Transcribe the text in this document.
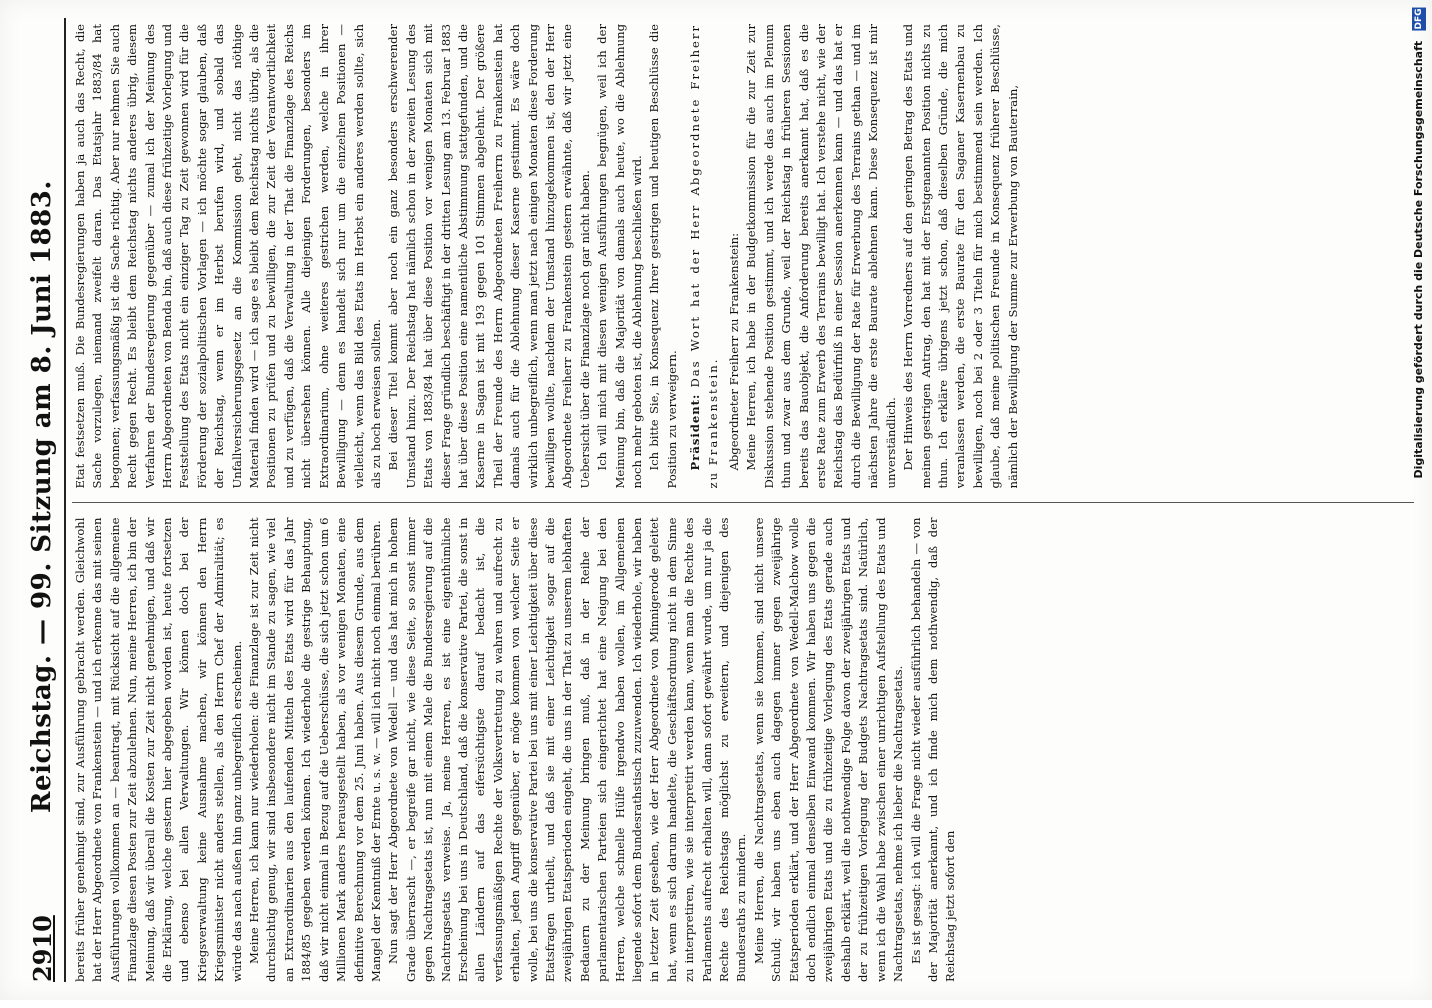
2910
Reichstag. — 99. Sitzung am 8. Juni 1883. bereits früher genehmigt sind, zur Ausführung gebracht werden. Gleichwohl hat der Herr Abgeordnete von Frankenstein — und ich erkenne das mit seinen Ausführungen vollkommen an — beantragt, mit Rücksicht auf die allgemeine Finanzlage diesen Posten zur Zeit abzulehnen. Nun, meine Herren, ich bin der Meinung, daß wir überall die Kosten zur Zeit nicht genehmigen, und daß wir die Erklärung, welche gestern hier abgegeben worden ist, heute fortsetzen und ebenso bei allen Verwaltungen. Wir können doch bei der Kriegsverwaltung keine Ausnahme machen, wir können den Herrn Kriegsminister nicht anders stellen, als den Herrn Chef der Admiralität; es würde das nach außen hin ganz unbegreiflich erscheinen. Meine Herren, ich kann nur wiederholen: die Finanzlage ist zur Zeit nicht durchsichtig genug, wir sind insbesondere nicht im Stande zu sagen, wie viel an Extraordinarien aus den laufenden Mitteln des Etats wird für das Jahr 1884/85 gegeben werden können. Ich wiederhole die gestrige Behauptung, daß wir nicht einmal in Bezug auf die Ueberschüsse, die sich jetzt schon um 6 Millionen Mark anders herausgestellt haben, als vor wenigen Monaten, eine definitive Berechnung vor dem 25. Juni haben. Aus diesem Grunde, aus dem Mangel der Kenntniß der Ernte u. s. w. — will ich nicht noch einmal berühren. Nun sagt der Herr Abgeordnete von Wedell — und das hat mich in hohem Grade überrascht —, er begreife gar nicht, wie diese Seite, so sonst immer gegen Nachtragsetats ist, nun mit einem Male die Bundesregierung auf die Nachtragsetats verweise. Ja, meine Herren, es ist eine eigenthümliche Erscheinung bei uns in Deutschland, daß die konservative Partei, die sonst in allen Ländern auf das eifersüchtigste darauf bedacht ist, die verfassungsmäßigen Rechte der Volksvertretung zu wahren und aufrecht zu erhalten, jeden Angriff gegenüber, er möge kommen von welcher Seite er wolle, bei uns die konservative Partei bei uns mit einer Leichtigkeit über diese Etatsfragen urtheilt, und daß sie mit einer Leichtigkeit sogar auf die zweijährigen Etatsperioden eingeht, die uns in der That zu unserem lebhaften Bedauern zu der Meinung bringen muß, daß in der Reihe der parlamentarischen Parteien sich eingerichtet hat eine Neigung bei den Herren, welche schnelle Hülfe irgendwo haben wollen, im Allgemeinen liegende sofort dem Bundesrathstisch zuzuwenden. Ich wiederhole, wir haben in letzter Zeit gesehen, wie der Herr Abgeordnete von Minnigerode geleitet hat, wenn es sich darum handelte, die Geschäftsordnung nicht in dem Sinne zu interpretiren, wie sie interpretirt werden kann, wenn man die Rechte des Parlaments aufrecht erhalten will, dann sofort gewährt wurde, um nur ja die Rechte des Reichstags möglichst zu erweitern, und diejenigen des Bundesraths zu mindern. Meine Herren, die Nachtragsetats, wenn sie kommen, sind nicht unsere Schuld; wir haben uns eben auch dagegen immer gegen zweijährige Etatsperioden erklärt, und der Herr Abgeordnete von Wedell-Malchow wolle doch endlich einmal denselben Einwand kommen. Wir haben uns gegen die zweijährigen Etats und die zu frühzeitige Vorlegung des Etats gerade auch deshalb erklärt, weil die nothwendige Folge davon der zweijährigen Etats und der zu frühzeitigen Vorlegung der Budgets Nachtragsetats sind. Natürlich, wenn ich die Wahl habe zwischen einer unrichtigen Aufstellung des Etats und Nachtragsetats, nehme ich lieber die Nachtragsetats. Es ist gesagt: ich will die Frage nicht wieder ausführlich behandeln — von der Majorität anerkannt, und ich finde mich dem nothwendig, daß der Reichstag jetzt sofort den

Etat festsetzen muß. Die Bundesregierungen haben ja auch das Recht, die Sache vorzulegen, niemand zweifelt daran. Das Etatsjahr 1883/84 hat begonnen; verfassungsmäßig ist die Sache richtig. Aber nur nehmen Sie auch Recht gegen Recht. Es bleibt dem Reichstag nichts anderes übrig, diesem Verfahren der Bundesregierung gegenüber — zumal ich der Meinung des Herrn Abgeordneten von Benda bin, daß auch diese frühzeitige Vorlegung und Feststellung des Etats nicht ein einziger Tag zu Zeit gewonnen wird für die Förderung der sozialpolitischen Vorlagen — ich möchte sogar glauben, daß der Reichstag, wenn er im Herbst berufen wird, und sobald das Unfallversicherungsgesetz an die Kommission geht, nicht das nöthige Material finden wird — ich sage es bleibt dem Reichstag nichts übrig, als die Positionen zu prüfen und zu bewilligen, die zur Zeit der Verantwortlichkeit und zu verfügen, daß die Verwaltung in der That die Finanzlage des Reichs nicht übersehen können. Alle diejenigen Forderungen, besonders im Extraordinarium, ohne weiteres gestrichen werden, welche in ihrer Bewilligung — denn es handelt sich nur um die einzelnen Positionen — vielleicht, wenn das Bild des Etats im Herbst ein anderes werden sollte, sich als zu hoch erweisen sollten. Bei dieser Titel kommt aber noch ein ganz besonders erschwerender Umstand hinzu. Der Reichstag hat nämlich schon in der zweiten Lesung des Etats von 1883/84 hat über diese Position vor wenigen Monaten sich mit dieser Frage gründlich beschäftigt in der dritten Lesung am 13. Februar 1883 hat über diese Position eine namentliche Abstimmung stattgefunden, und die Kaserne in Sagan ist mit 193 gegen 101 Stimmen abgelehnt. Der größere Theil der Freunde des Herrn Abgeordneten Freiherrn zu Frankenstein hat damals auch für die Ablehnung dieser Kaserne gestimmt. Es wäre doch wirklich unbegreiflich, wenn man jetzt nach einigen Monaten diese Forderung bewilligen wollte, nachdem der Umstand hinzugekommen ist, den der Herr Abgeordnete Freiherr zu Frankenstein gestern erwähnte, daß wir jetzt eine Uebersicht über die Finanzlage noch gar nicht haben. Ich will mich mit diesen wenigen Ausführungen begnügen, weil ich der Meinung bin, daß die Majorität von damals auch heute, wo die Ablehnung noch mehr geboten ist, die Ablehnung beschließen wird. Ich bitte Sie, in Konsequenz Ihrer gestrigen und heutigen Beschlüsse die Position zu verweigern. Präsident: Das Wort hat der Herr Abgeordnete Freiherr zu Frankenstein. Abgeordneter Freiherr zu Frankenstein: Meine Herren, ich habe in der Budgetkommission für die zur Zeit zur Diskussion stehende Position gestimmt, und ich werde das auch im Plenum thun und zwar aus dem Grunde, weil der Reichstag in früheren Sessionen bereits das Bauobjekt, die Anforderung bereits anerkannt hat, daß es die erste Rate zum Erwerb des Terrains bewilligt hat. Ich verstehe nicht, wie der Reichstag das Bedürfniß in einer Session anerkennen kann — und das hat er durch die Bewilligung der Rate für Erwerbung des Terrains gethan — und im nächsten Jahre die erste Baurate ablehnen kann. Diese Konsequenz ist mir unverständlich. Der Hinweis des Herrn Vorredners auf den geringen Betrag des Etats und meinen gestrigen Antrag, den hat mit der Erstgenannten Position nichts zu thun. Ich erkläre übrigens jetzt schon, daß dieselben Gründe, die mich veranlassen werden, die erste Baurate für den Saganer Kasernenbau zu bewilligen, noch bei 2 oder 3 Titeln für mich bestimmend sein werden. Ich glaube, daß meine politischen Freunde in Konsequenz früherer Beschlüsse, nämlich der Bewilligung der Summe zur Erwerbung von Bauterrain,	Digitalisierung gefördert durch die Deutsche Forschungsgemeinschaft DFG
